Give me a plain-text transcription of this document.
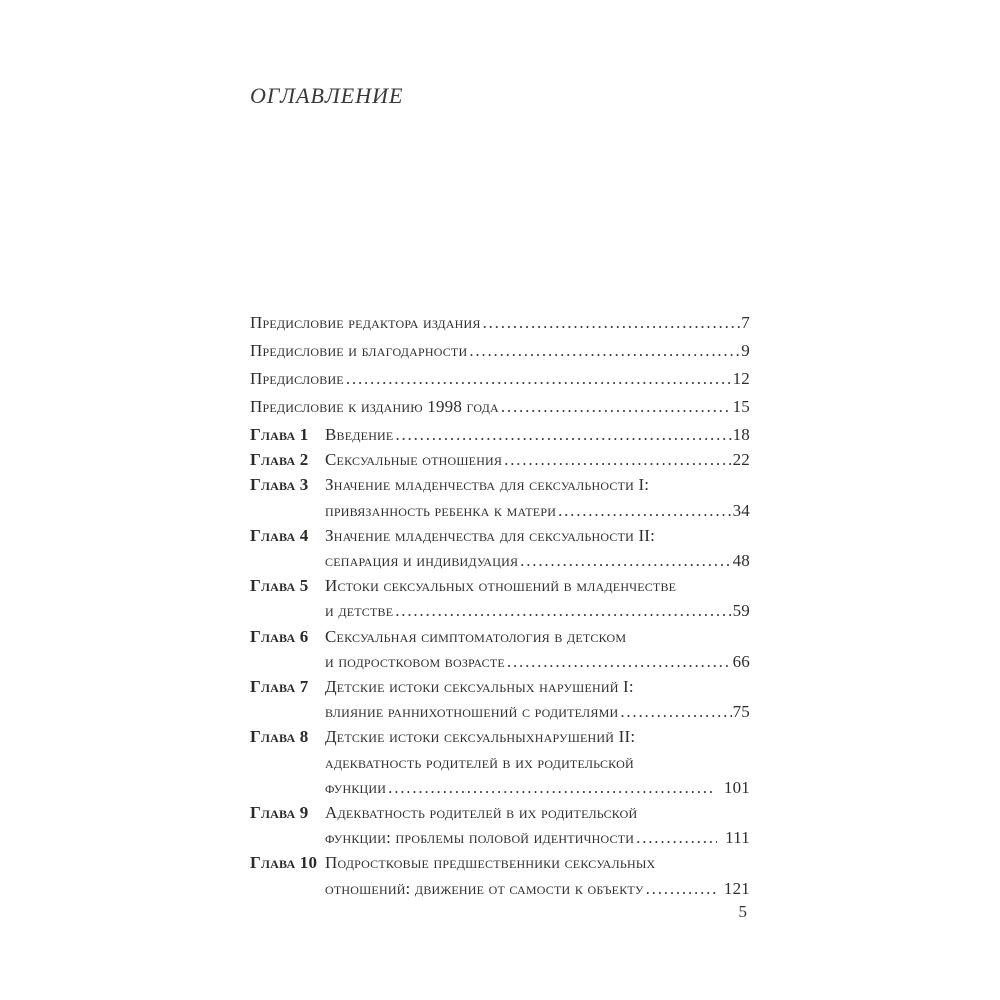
ОГЛАВЛЕНИЕ
Предисловие редактора издания .....	7
Предисловие и благодарности .....	9
Предисловие .....	12
Предисловие к изданию 1998 года .....	15
Глава 1 Введение .....	18
Глава 2 Сексуальные отношения .....	22
Глава 3 Значение младенчества для сексуальности I:
привязанность ребенка к матери .....	34
Глава 4 Значение младенчества для сексуальности II:
сепарация и индивидуация .....	48
Глава 5 Истоки сексуальных отношений в младенчестве
и детстве .....	59
Глава 6 Сексуальная симптоматология в детском
и подростковом возрасте .....	66
Глава 7 Детские истоки сексуальных нарушений I:
влияние раннихотношений с родителями .....	75
Глава 8 Детские истоки сексуальныхнарушений II:
адекватность родителей в их родительской
функции .....	101
Глава 9 Адекватность родителей в их родительской
функции: проблемы половой идентичности .....	111
Глава 10 Подростковые предшественники сексуальных
отношений: движение от самости к объекту .....	121
5
